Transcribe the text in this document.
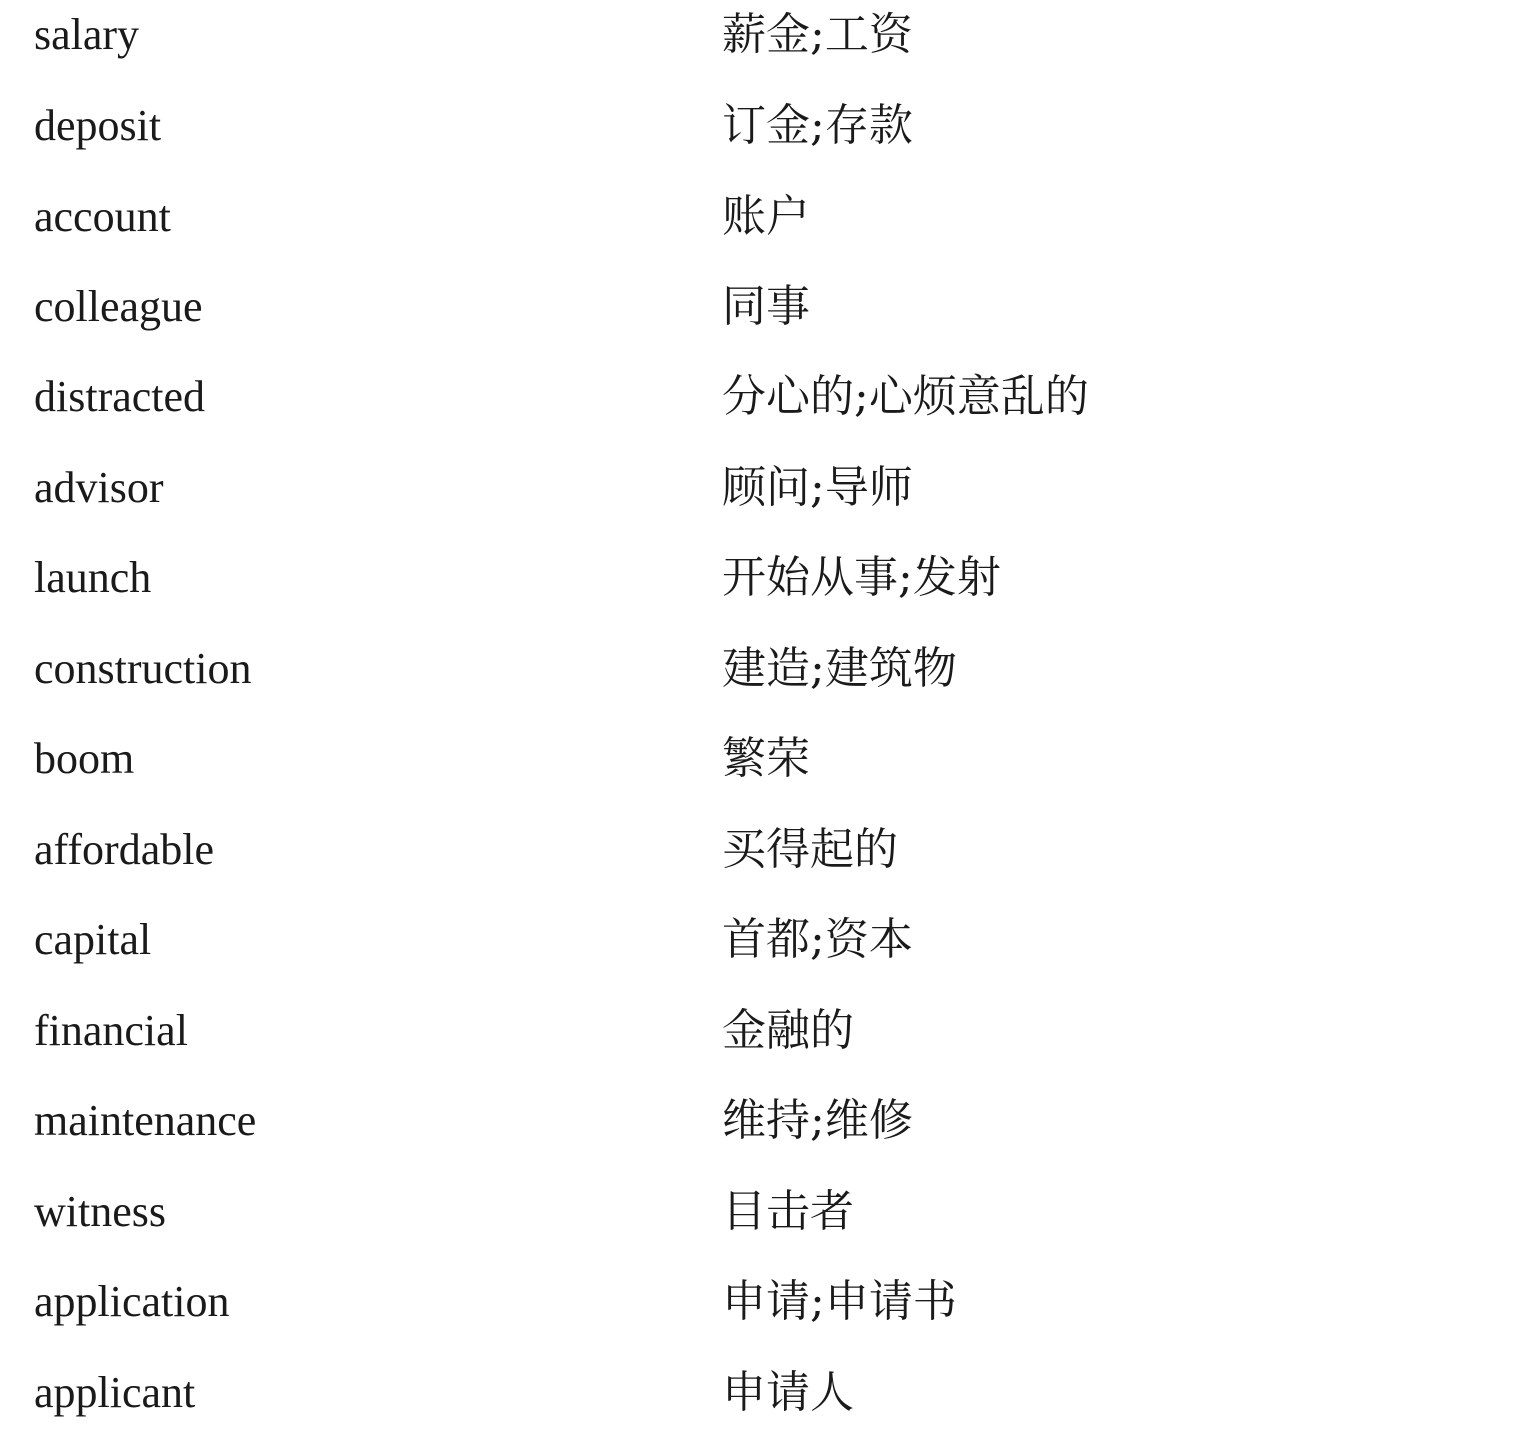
salary	薪金;工资
deposit	订金;存款
account	账户
colleague	同事
distracted	分心的;心烦意乱的
advisor	顾问;导师
launch	开始从事;发射
construction	建造;建筑物
boom	繁荣
affordable	买得起的
capital	首都;资本
financial	金融的
maintenance	维持;维修
witness	目击者
application	申请;申请书
applicant	申请人
